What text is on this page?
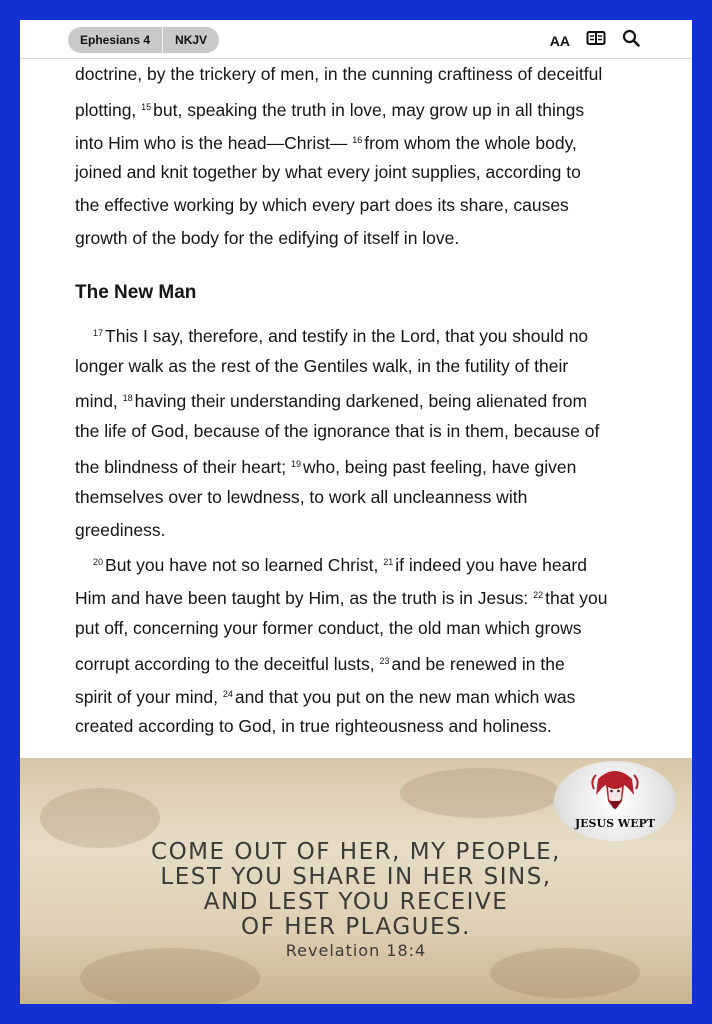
Ephesians 4	NKJV	AA
doctrine, by the trickery of men, in the cunning craftiness of deceitful
plotting, $^{15}$ but, speaking the truth in love, may grow up in all things
into Him who is the head—Christ— $^{16}$ from whom the whole body,
joined and knit together by what every joint supplies, according to
the effective working by which every part does its share, causes
growth of the body for the edifying of itself in love.
The New Man
$^{17}$ This I say, therefore, and testify in the Lord, that you should no
longer walk as the rest of the Gentiles walk, in the futility of their
mind, $^{18}$ having their understanding darkened, being alienated from
the life of God, because of the ignorance that is in them, because of
the blindness of their heart; $^{19}$ who, being past feeling, have given
themselves over to lewdness, to work all uncleanness with
greediness.
$^{20}$ But you have not so learned Christ, $^{21}$ if indeed you have heard
Him and have been taught by Him, as the truth is in Jesus: $^{22}$ that you
put off, concerning your former conduct, the old man which grows
corrupt according to the deceitful lusts, $^{23}$ and be renewed in the
spirit of your mind, $^{24}$ and that you put on the new man which was
created according to God, in true righteousness and holiness.
JESUS WEPT
COME OUT OF HER, MY PEOPLE,
LEST YOU SHARE IN HER SINS,
AND LEST YOU RECEIVE
OF HER PLAGUES.
Revelation 18:4
